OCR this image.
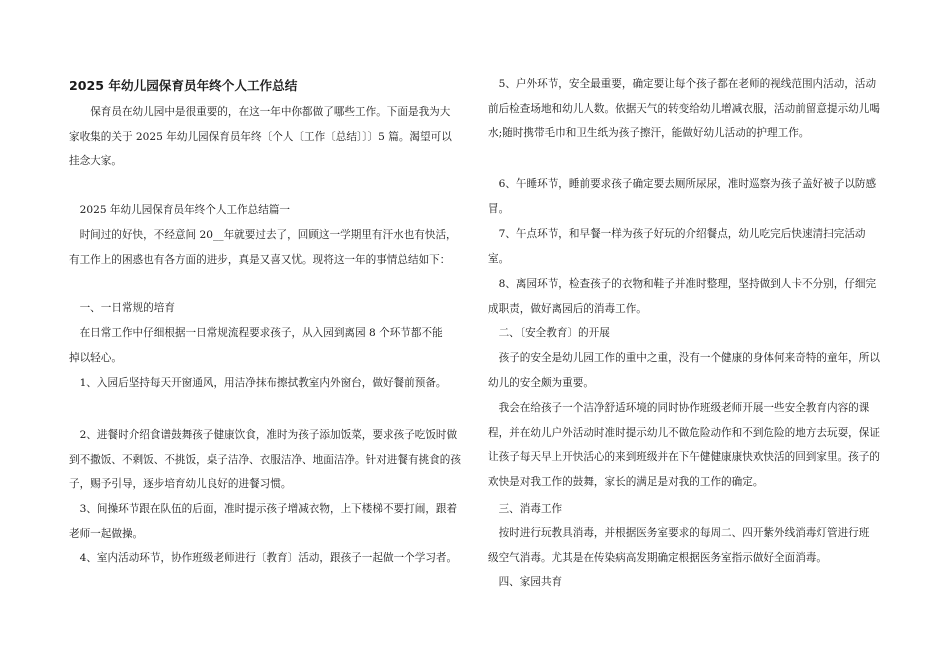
2025 年幼儿园保育员年终个人工作总结

保育员在幼儿园中是很重要的，在这一年中你都做了哪些工作。下面是我为大家收集的关于 2025 年幼儿园保育员年终〔个人〔工作〔总结〕〕〕5 篇。渴望可以挂念大家。

2025 年幼儿园保育员年终个人工作总结篇一

时间过的好快，不经意间 20__年就要过去了，回顾这一学期里有汗水也有快活，有工作上的困惑也有各方面的进步，真是又喜又忧。现将这一年的事情总结如下：

一、一日常规的培育

在日常工作中仔细根据一日常规流程要求孩子，从入园到离园 8 个环节都不能掉以轻心。

1、入园后坚持每天开窗通风，用洁净抹布擦拭教室内外窗台，做好餐前预备。

2、进餐时介绍食谱鼓舞孩子健康饮食，准时为孩子添加饭菜，要求孩子吃饭时做到不撒饭、不剩饭、不挑饭，桌子洁净、衣服洁净、地面洁净。针对进餐有挑食的孩子，赐予引导，逐步培育幼儿良好的进餐习惯。

3、间操环节跟在队伍的后面，准时提示孩子增减衣物，上下楼梯不要打闹，跟着老师一起做操。

4、室内活动环节，协作班级老师进行〔教育〕活动，跟孩子一起做一个学习者。

5、户外环节，安全最重要，确定要让每个孩子都在老师的视线范围内活动，活动前后检查场地和幼儿人数。依据天气的转变给幼儿增减衣服，活动前留意提示幼儿喝水;随时携带毛巾和卫生纸为孩子擦汗，能做好幼儿活动的护理工作。

6、午睡环节，睡前要求孩子确定要去厕所尿尿，准时巡察为孩子盖好被子以防感冒。

7、午点环节，和早餐一样为孩子好玩的介绍餐点，幼儿吃完后快速清扫完活动室。

8、离园环节，检查孩子的衣物和鞋子并准时整理，坚持做到人卡不分别，仔细完成职责，做好离园后的消毒工作。

二、〔安全教育〕的开展

孩子的安全是幼儿园工作的重中之重，没有一个健康的身体何来奇特的童年，所以幼儿的安全颇为重要。

我会在给孩子一个洁净舒适环境的同时协作班级老师开展一些安全教育内容的课程，并在幼儿户外活动时准时提示幼儿不做危险动作和不到危险的地方去玩耍，保证让孩子每天早上开快活心的来到班级并在下午健健康康快欢快活的回到家里。孩子的欢快是对我工作的鼓舞，家长的满足是对我的工作的确定。

三、消毒工作

按时进行玩教具消毒，并根据医务室要求的每周二、四开紫外线消毒灯管进行班级空气消毒。尤其是在传染病高发期确定根据医务室指示做好全面消毒。

四、家园共育
